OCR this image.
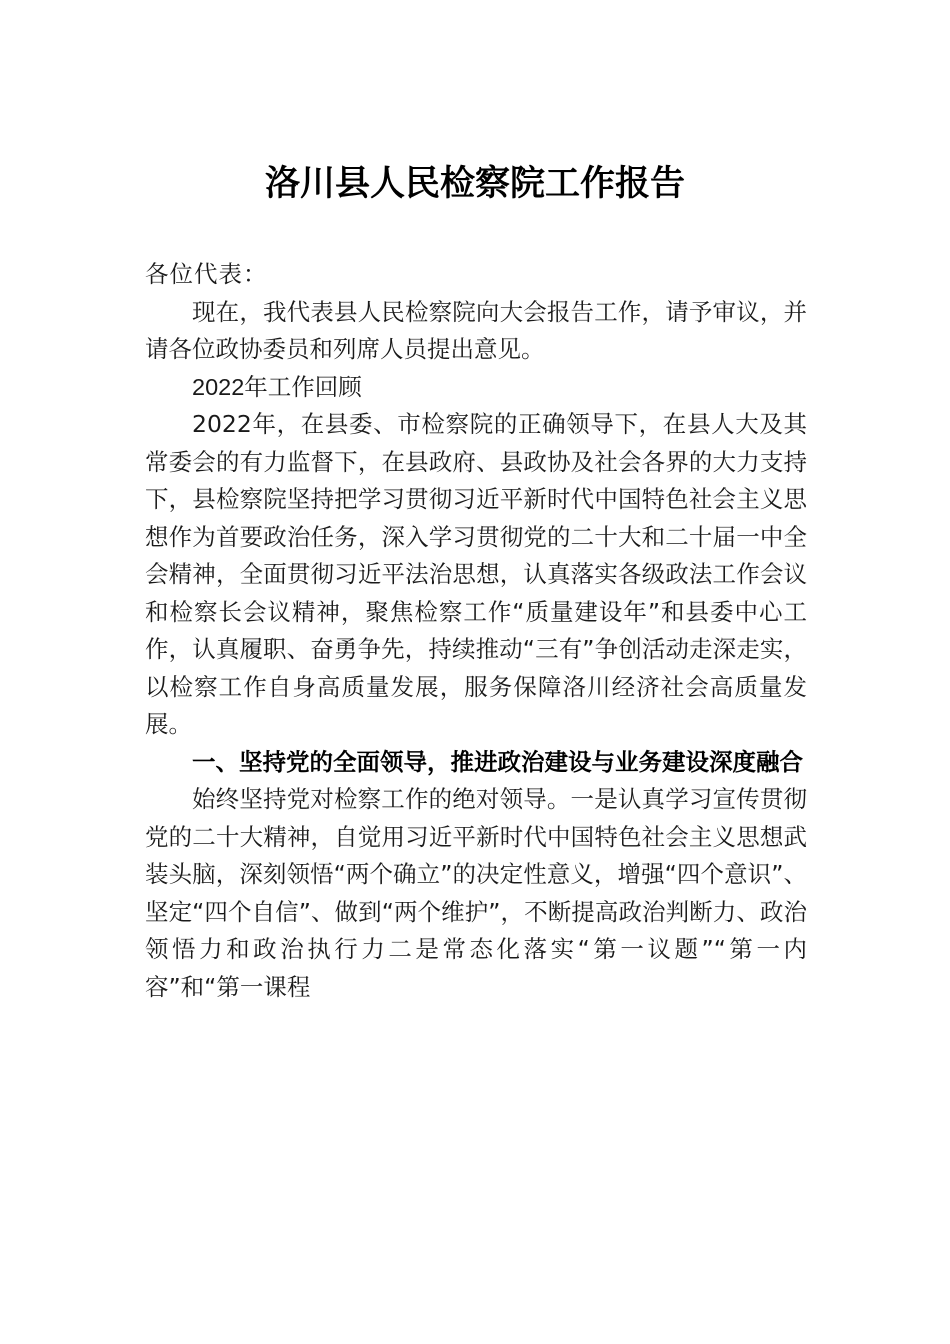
洛川县人民检察院工作报告

各位代表：

现在，我代表县人民检察院向大会报告工作，请予审议，并请各位政协委员和列席人员提出意见。

2022年工作回顾

2022年，在县委、市检察院的正确领导下，在县人大及其常委会的有力监督下，在县政府、县政协及社会各界的大力支持下，县检察院坚持把学习贯彻习近平新时代中国特色社会主义思想作为首要政治任务，深入学习贯彻党的二十大和二十届一中全会精神，全面贯彻习近平法治思想，认真落实各级政法工作会议和检察长会议精神，聚焦检察工作“质量建设年”和县委中心工作，认真履职、奋勇争先，持续推动“三有”争创活动走深走实，以检察工作自身高质量发展，服务保障洛川经济社会高质量发展。

一、坚持党的全面领导，推进政治建设与业务建设深度融合

始终坚持党对检察工作的绝对领导。一是认真学习宣传贯彻党的二十大精神，自觉用习近平新时代中国特色社会主义思想武装头脑，深刻领悟“两个确立”的决定性意义，增强“四个意识”、坚定“四个自信”、做到“两个维护”，不断提高政治判断力、政治领悟力和政治执行力二是常态化落实“第一议题”“第一内容”和“第一课程
